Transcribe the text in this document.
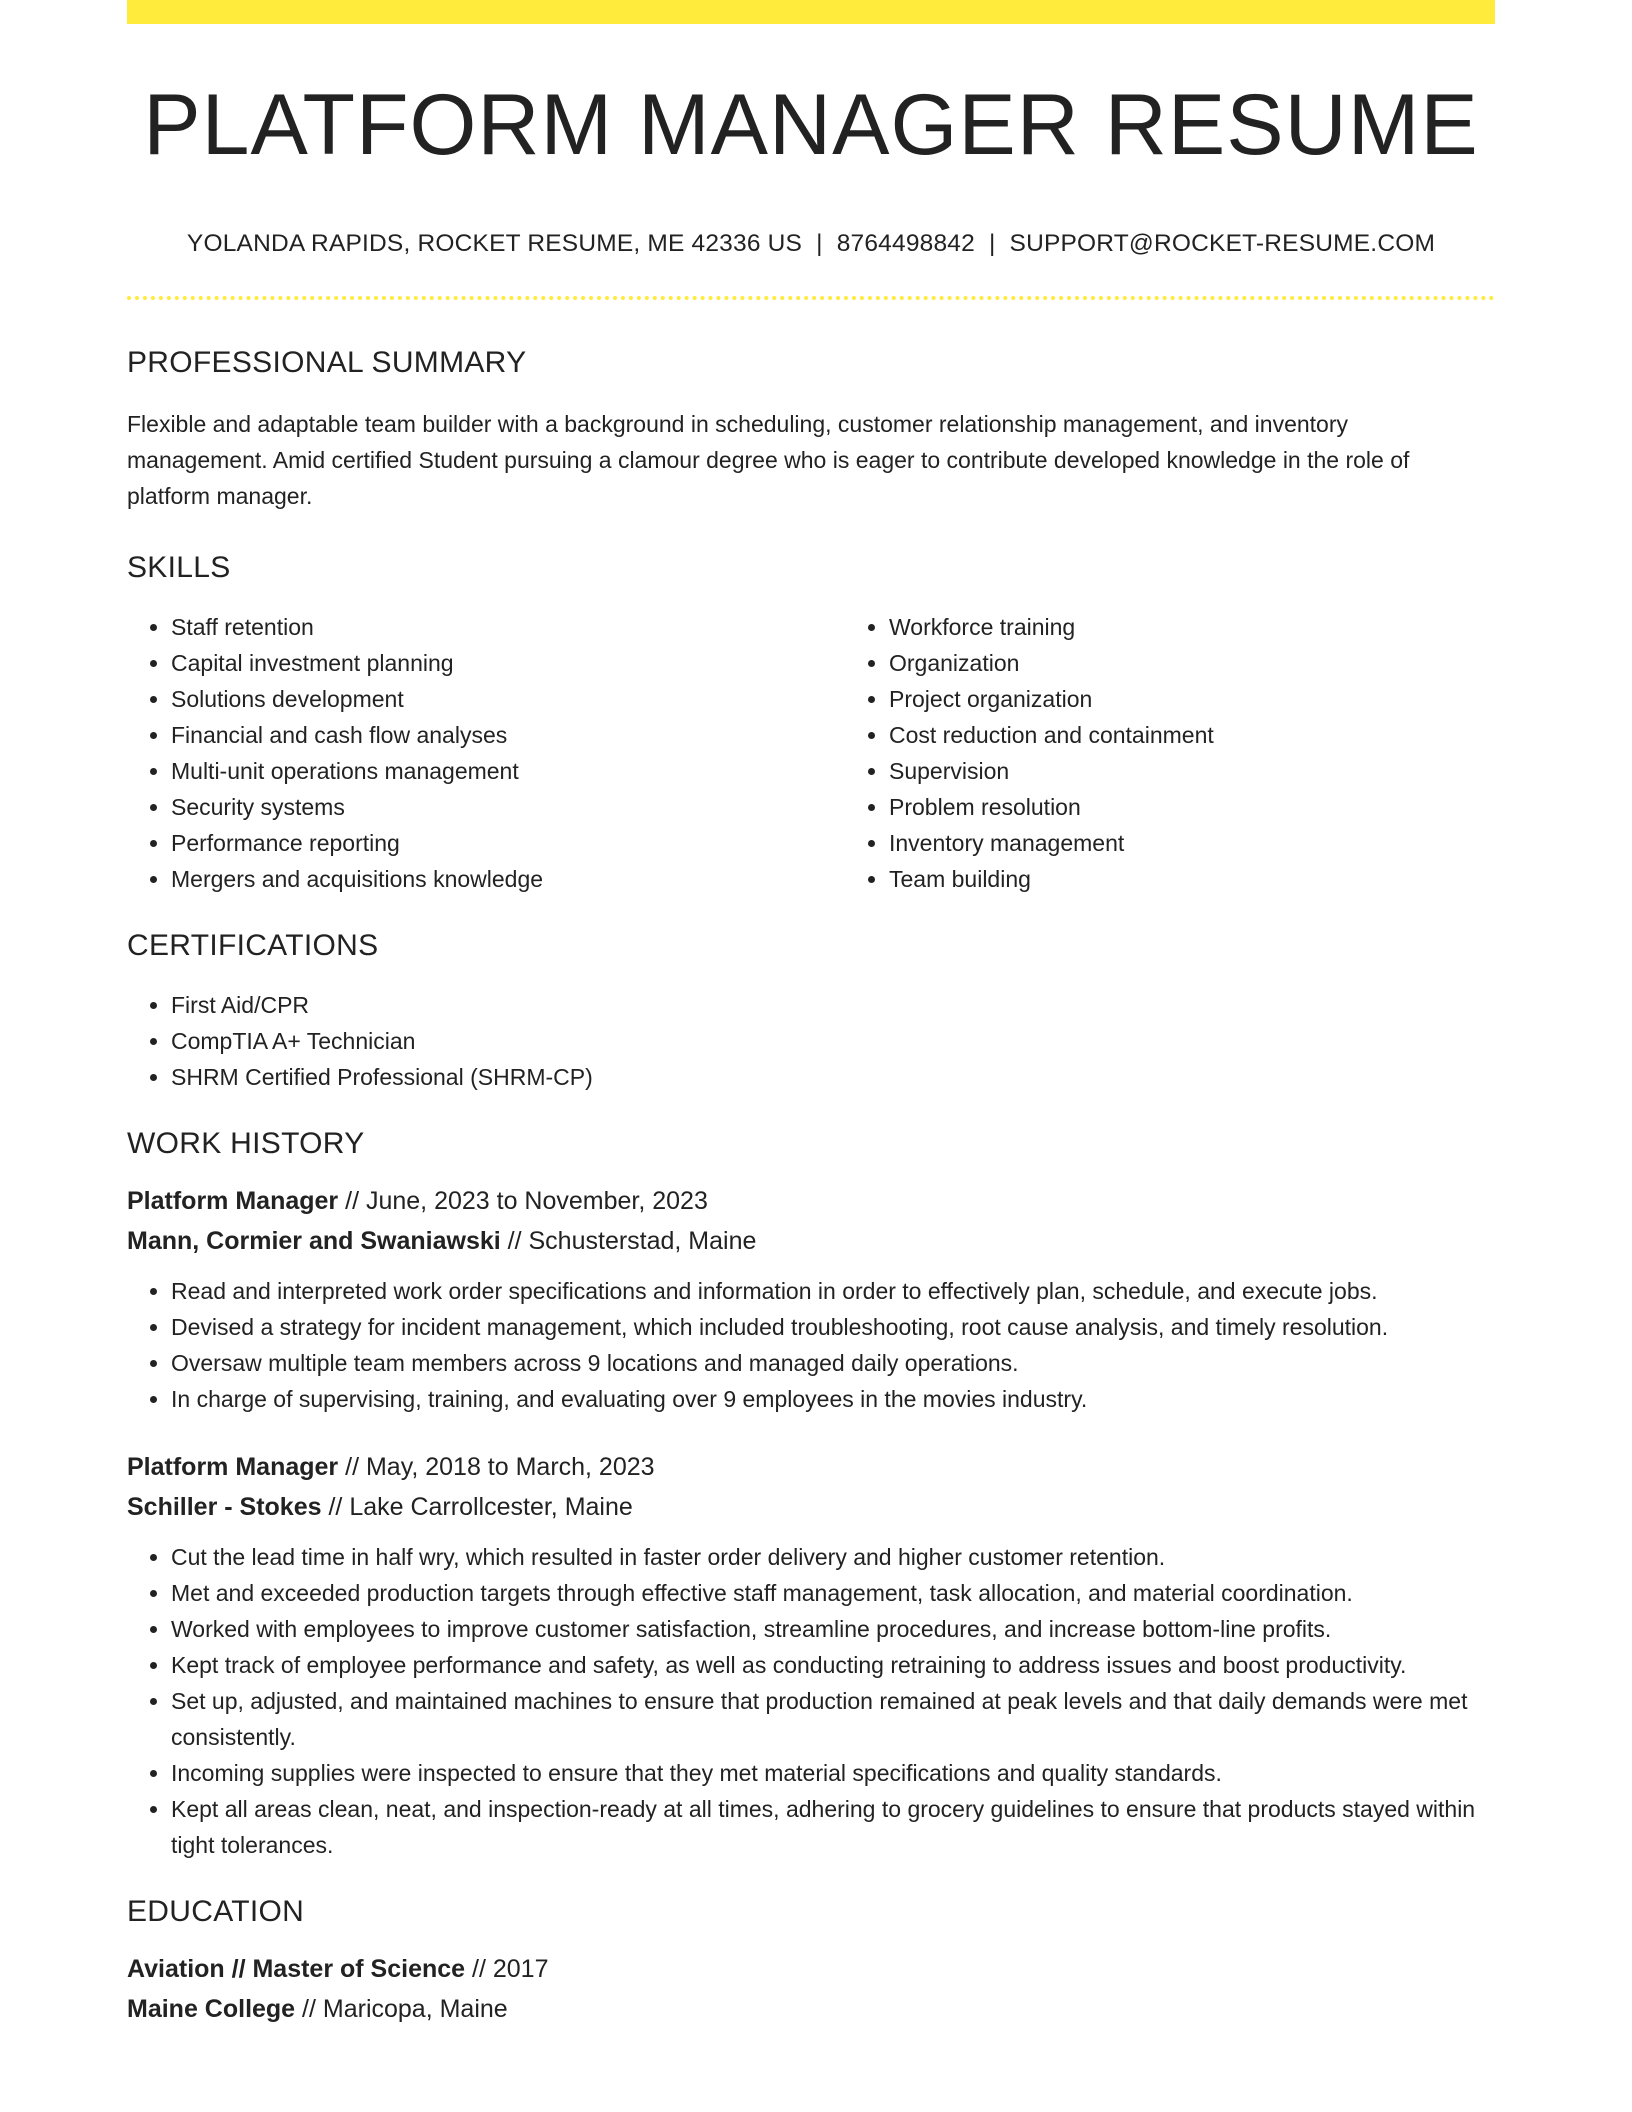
PLATFORM MANAGER RESUME
YOLANDA RAPIDS, ROCKET RESUME, ME 42336 US | 8764498842 | SUPPORT@ROCKET-RESUME.COM
PROFESSIONAL SUMMARY

Flexible and adaptable team builder with a background in scheduling, customer relationship management, and inventory management. Amid certified Student pursuing a clamour degree who is eager to contribute developed knowledge in the role of platform manager.

SKILLS
• Staff retention
• Capital investment planning
• Solutions development
• Financial and cash flow analyses
• Multi-unit operations management
• Security systems
• Performance reporting
• Mergers and acquisitions knowledge
• Workforce training
• Organization
• Project organization
• Cost reduction and containment
• Supervision
• Problem resolution
• Inventory management
• Team building
CERTIFICATIONS
• First Aid/CPR
• CompTIA A+ Technician
• SHRM Certified Professional (SHRM-CP)
WORK HISTORY
Platform Manager // June, 2023 to November, 2023
Mann, Cormier and Swaniawski // Schusterstad, Maine
• Read and interpreted work order specifications and information in order to effectively plan, schedule, and execute jobs.
• Devised a strategy for incident management, which included troubleshooting, root cause analysis, and timely resolution.
• Oversaw multiple team members across 9 locations and managed daily operations.
• In charge of supervising, training, and evaluating over 9 employees in the movies industry.
Platform Manager // May, 2018 to March, 2023
Schiller - Stokes // Lake Carrollcester, Maine
• Cut the lead time in half wry, which resulted in faster order delivery and higher customer retention.
• Met and exceeded production targets through effective staff management, task allocation, and material coordination.
• Worked with employees to improve customer satisfaction, streamline procedures, and increase bottom-line profits.
• Kept track of employee performance and safety, as well as conducting retraining to address issues and boost productivity.
• Set up, adjusted, and maintained machines to ensure that production remained at peak levels and that daily demands were met consistently.
• Incoming supplies were inspected to ensure that they met material specifications and quality standards.
• Kept all areas clean, neat, and inspection-ready at all times, adhering to grocery guidelines to ensure that products stayed within tight tolerances.
EDUCATION
Aviation // Master of Science // 2017
Maine College // Maricopa, Maine
